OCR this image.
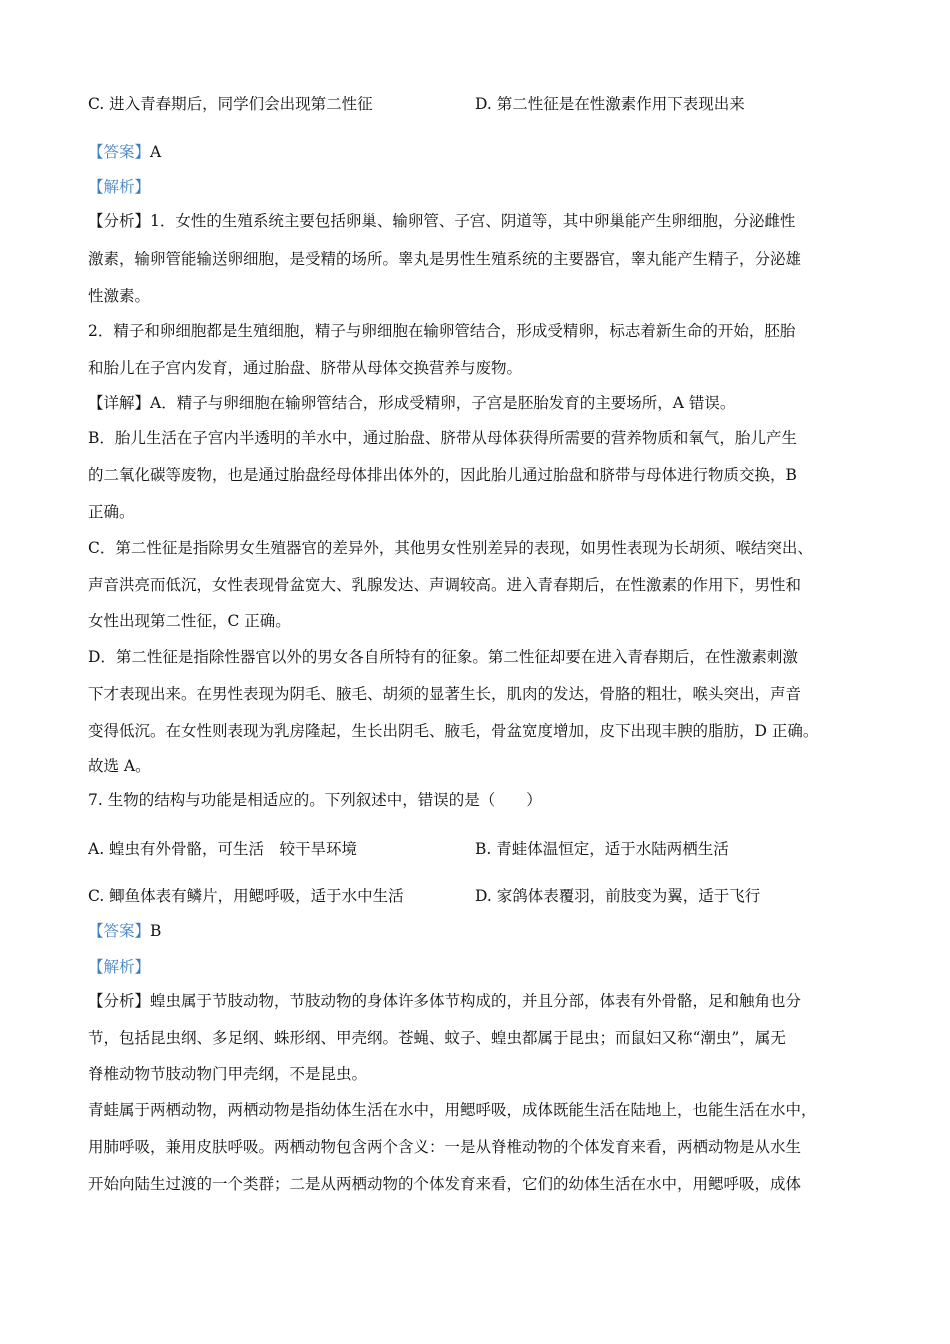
C. 进入青春期后，同学们会出现第二性征	D. 第二性征是在性激素作用下表现出来
【答案】A
【解析】
【分析】1．女性的生殖系统主要包括卵巢、输卵管、子宫、阴道等，其中卵巢能产生卵细胞，分泌雌性
激素，输卵管能输送卵细胞，是受精的场所。睾丸是男性生殖系统的主要器官，睾丸能产生精子，分泌雄
性激素。
2．精子和卵细胞都是生殖细胞，精子与卵细胞在输卵管结合，形成受精卵，标志着新生命的开始，胚胎
和胎儿在子宫内发育，通过胎盘、脐带从母体交换营养与废物。
【详解】A．精子与卵细胞在输卵管结合，形成受精卵，子宫是胚胎发育的主要场所，A 错误。
B．胎儿生活在子宫内半透明的羊水中，通过胎盘、脐带从母体获得所需要的营养物质和氧气，胎儿产生
的二氧化碳等废物，也是通过胎盘经母体排出体外的，因此胎儿通过胎盘和脐带与母体进行物质交换，B
正确。
C．第二性征是指除男女生殖器官的差异外，其他男女性别差异的表现，如男性表现为长胡须、喉结突出、
声音洪亮而低沉，女性表现骨盆宽大、乳腺发达、声调较高。进入青春期后，在性激素的作用下，男性和
女性出现第二性征，C 正确。
D．第二性征是指除性器官以外的男女各自所特有的征象。第二性征却要在进入青春期后，在性激素刺激
下才表现出来。在男性表现为阴毛、腋毛、胡须的显著生长，肌肉的发达，骨胳的粗壮，喉头突出，声音
变得低沉。在女性则表现为乳房隆起，生长出阴毛、腋毛，骨盆宽度增加，皮下出现丰腴的脂肪，D 正确。
故选 A。
7. 生物的结构与功能是相适应的。下列叙述中，错误的是（　　）
A. 蝗虫有外骨骼，可生活　较干旱环境	B. 青蛙体温恒定，适于水陆两栖生活
C. 鲫鱼体表有鳞片，用鳃呼吸，适于水中生活	D. 家鸽体表覆羽，前肢变为翼，适于飞行
【答案】B
【解析】
【分析】蝗虫属于节肢动物，节肢动物的身体许多体节构成的，并且分部，体表有外骨骼，足和触角也分
节，包括昆虫纲、多足纲、蛛形纲、甲壳纲。苍蝇、蚊子、蝗虫都属于昆虫；而鼠妇又称“潮虫”，属无
脊椎动物节肢动物门甲壳纲，不是昆虫。
青蛙属于两栖动物，两栖动物是指幼体生活在水中，用鳃呼吸，成体既能生活在陆地上，也能生活在水中，
用肺呼吸，兼用皮肤呼吸。两栖动物包含两个含义：一是从脊椎动物的个体发育来看，两栖动物是从水生
开始向陆生过渡的一个类群；二是从两栖动物的个体发育来看，它们的幼体生活在水中，用鳃呼吸，成体
